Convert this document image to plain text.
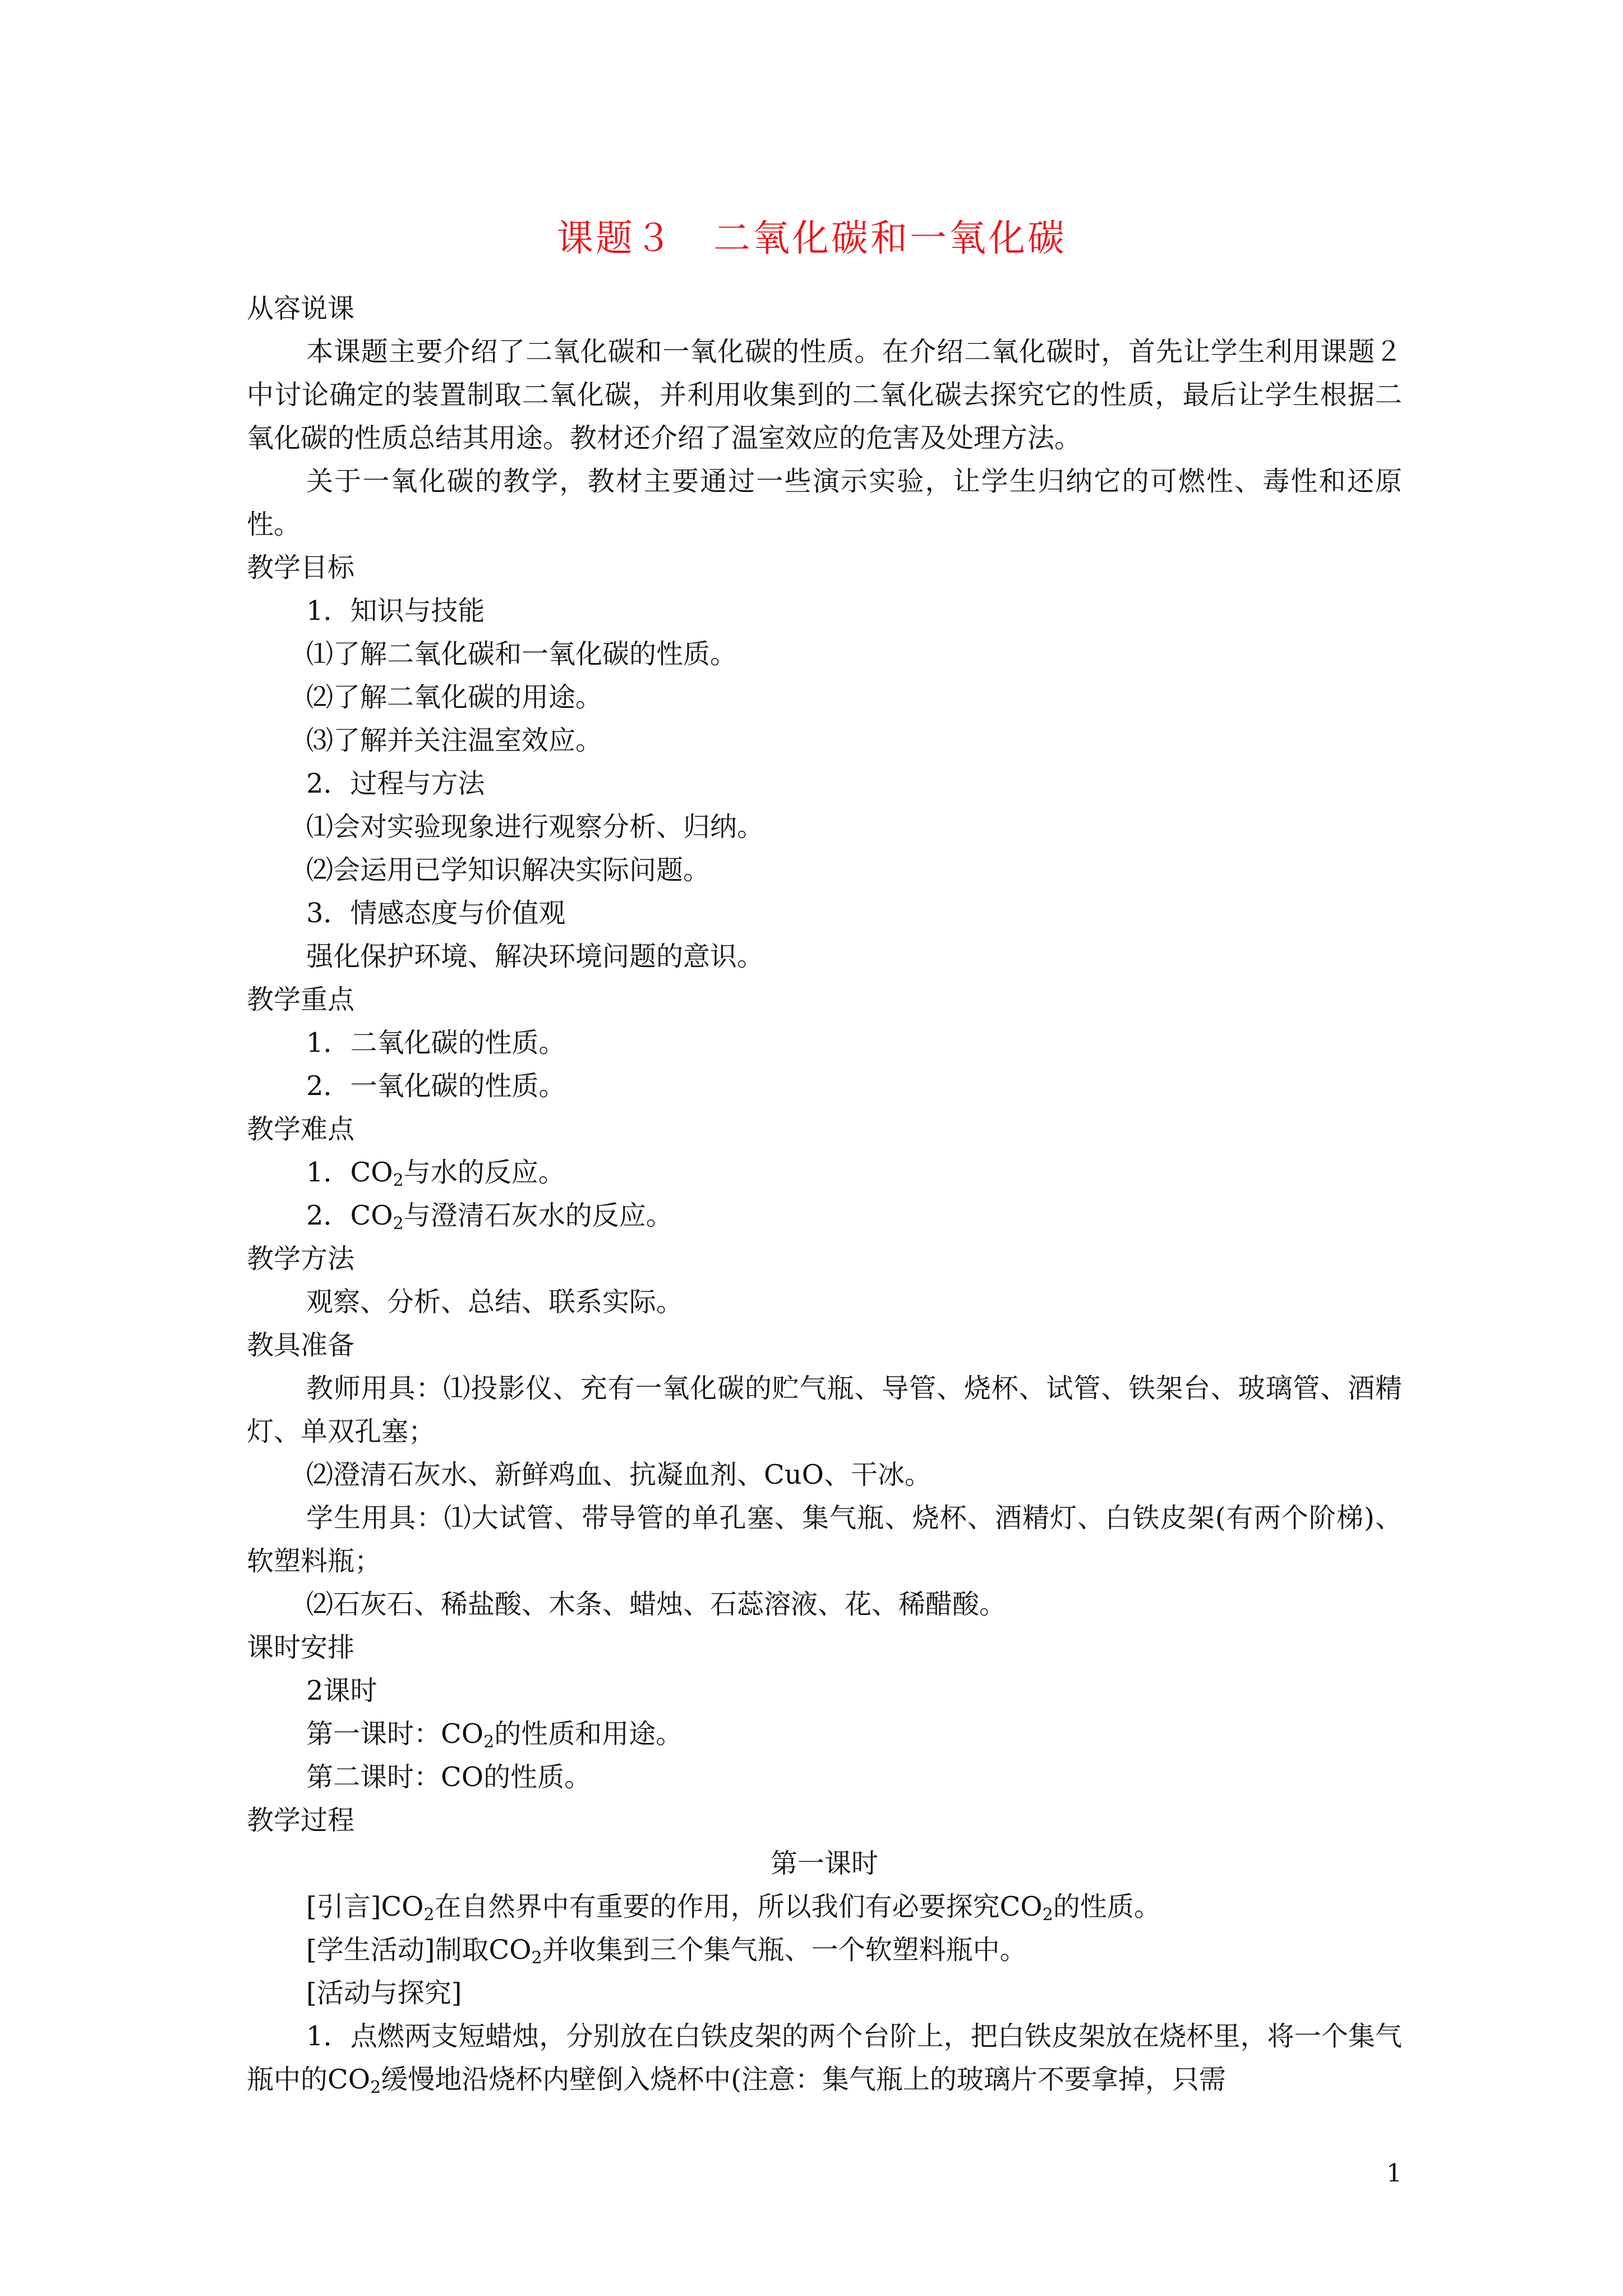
课题３　二氧化碳和一氧化碳

从容说课

本课题主要介绍了二氧化碳和一氧化碳的性质。在介绍二氧化碳时，首先让学生利用课题２中讨论确定的装置制取二氧化碳，并利用收集到的二氧化碳去探究它的性质，最后让学生根据二氧化碳的性质总结其用途。教材还介绍了温室效应的危害及处理方法。

关于一氧化碳的教学，教材主要通过一些演示实验，让学生归纳它的可燃性、毒性和还原性。

教学目标

1．知识与技能

⑴了解二氧化碳和一氧化碳的性质。

⑵了解二氧化碳的用途。

⑶了解并关注温室效应。

2．过程与方法

⑴会对实验现象进行观察分析、归纳。

⑵会运用已学知识解决实际问题。

3．情感态度与价值观

强化保护环境、解决环境问题的意识。

教学重点

1．二氧化碳的性质。

2．一氧化碳的性质。

教学难点

1．$CO_2$与水的反应。

2．$CO_2$与澄清石灰水的反应。

教学方法

观察、分析、总结、联系实际。

教具准备

教师用具：⑴投影仪、充有一氧化碳的贮气瓶、导管、烧杯、试管、铁架台、玻璃管、酒精灯、单双孔塞；

⑵澄清石灰水、新鲜鸡血、抗凝血剂、CuO、干冰。

学生用具：⑴大试管、带导管的单孔塞、集气瓶、烧杯、酒精灯、白铁皮架(有两个阶梯)、软塑料瓶；

⑵石灰石、稀盐酸、木条、蜡烛、石蕊溶液、花、稀醋酸。

课时安排

2课时

第一课时：$CO_2$的性质和用途。

第二课时：CO的性质。

教学过程

第一课时

[引言]$CO_2$在自然界中有重要的作用，所以我们有必要探究$CO_2$的性质。

[学生活动]制取$CO_2$并收集到三个集气瓶、一个软塑料瓶中。

[活动与探究]

1．点燃两支短蜡烛，分别放在白铁皮架的两个台阶上，把白铁皮架放在烧杯里，将一个集气瓶中的$CO_2$缓慢地沿烧杯内壁倒入烧杯中(注意：集气瓶上的玻璃片不要拿掉，只需

1
